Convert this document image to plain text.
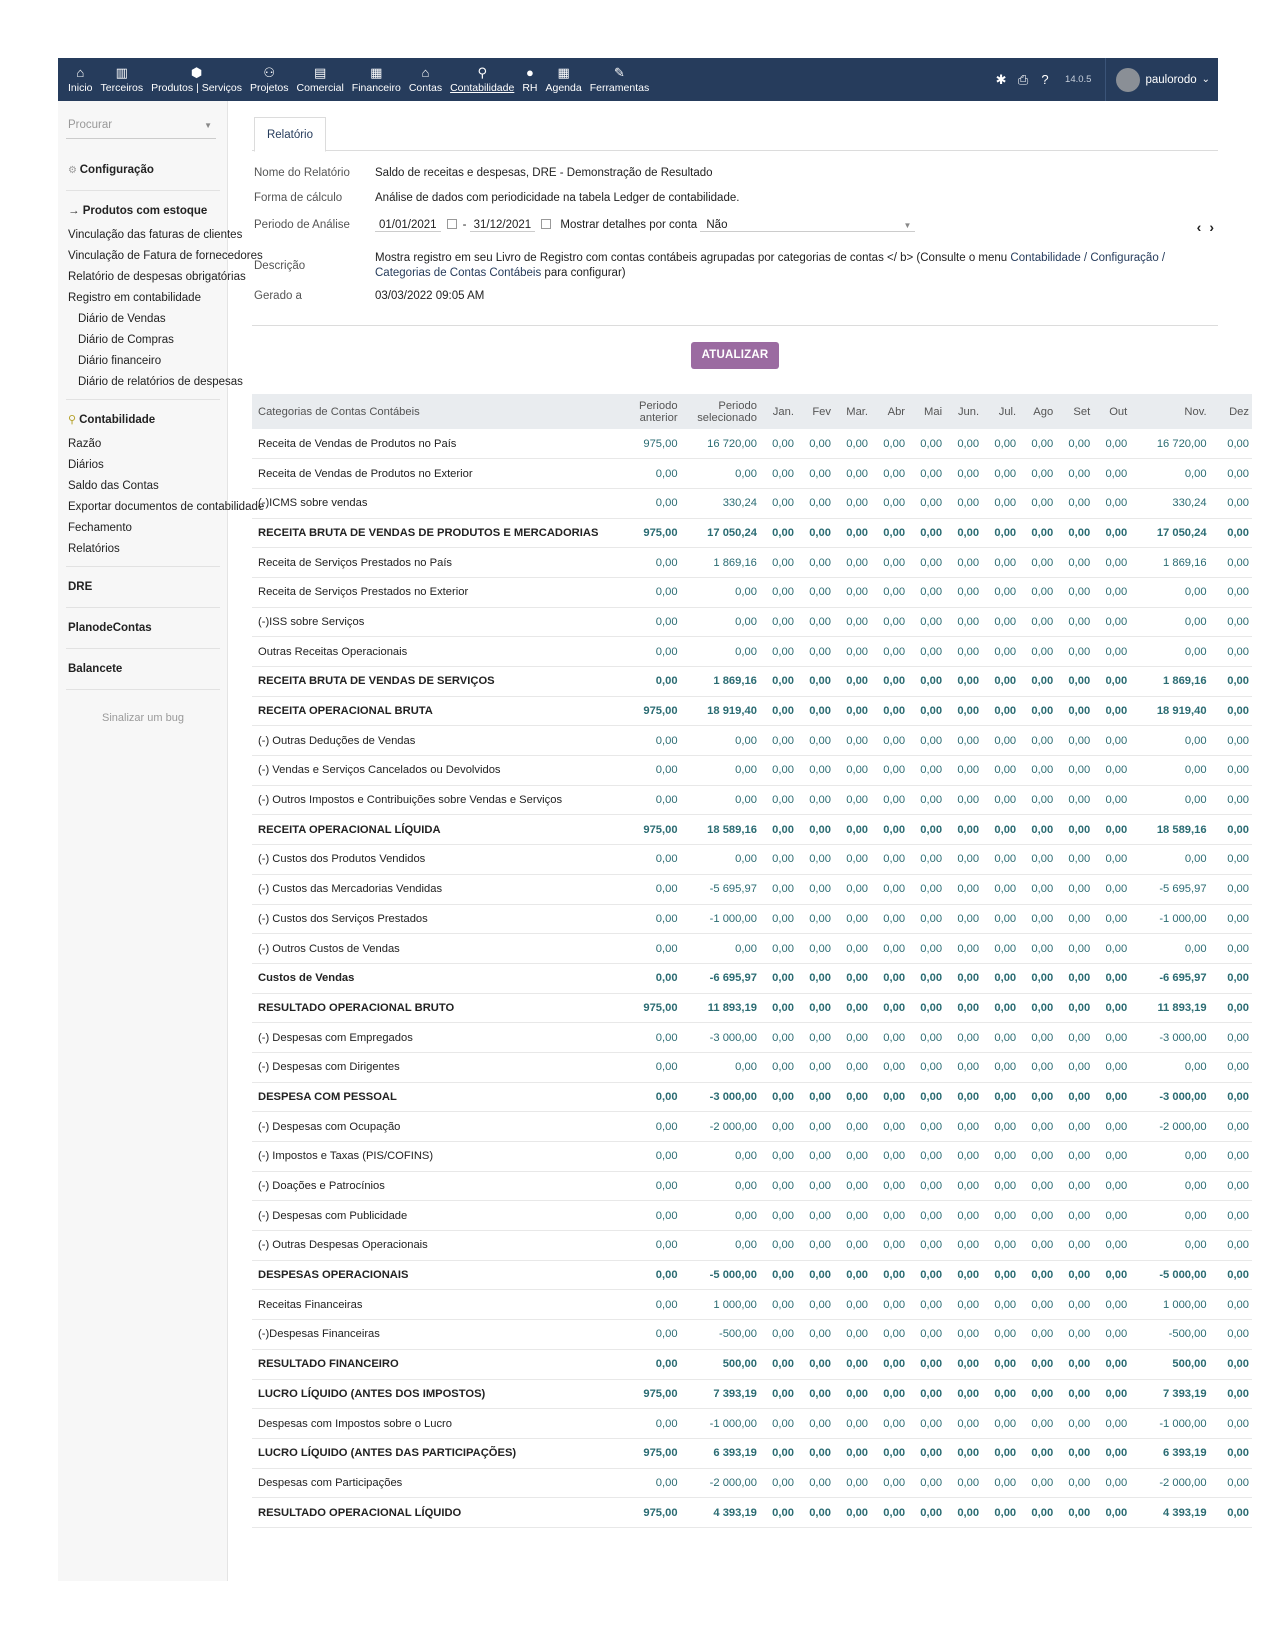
⌂
Inicio
▥
Terceiros
⬢
Produtos | Serviços
⚇
Projetos
▤
Comercial
▦
Financeiro
⌂
Contas
⚲
Contabilidade
●
RH
▦
Agenda
✎
Ferramentas
✱ ⎙	?	14.0.5	paulorodo ⌄
Procurar	▼
⚙ Configuração
→ Produtos com estoque
Vinculação das faturas de clientes
Vinculação de Fatura de fornecedores
Relatório de despesas obrigatórias
Registro em contabilidade
Diário de Vendas
Diário de Compras
Diário financeiro
Diário de relatórios de despesas
⚲ Contabilidade
Razão
Diários
Saldo das Contas
Exportar documentos de contabilidade
Fechamento
Relatórios
DRE
PlanodeContas
Balancete
Sinalizar um bug
Relatório
Nome do Relatório	Saldo de receitas e despesas, DRE - Demonstração de Resultado
Forma de cálculo	Análise de dados com periodicidade na tabela Ledger de contabilidade.
Periodo de Análise	01/01/2021 - 31/12/2021	Mostrar detalhes por conta Não	▼	‹ ›
Descrição
Mostra registro em seu Livro de Registro com contas contábeis agrupadas por categorias de contas </ b> (Consulte o menu Contabilidade / Configuração / Categorias de Contas Contábeis para configurar)
Gerado a	03/03/2022 09:05 AM
ATUALIZAR
Categorias de Contas Contábeis	Periodo anterior	Periodo selecionado	Jan.	Fev	Mar.	Abr	Mai	Jun.	Jul.	Ago	Set	Out	Nov.	Dez
Receita de Vendas de Produtos no País	975,00	16 720,00	0,00	0,00	0,00	0,00	0,00	0,00	0,00	0,00	0,00	0,00	16 720,00	0,00
Receita de Vendas de Produtos no Exterior	0,00	0,00	0,00	0,00	0,00	0,00	0,00	0,00	0,00	0,00	0,00	0,00	0,00	0,00
(-)ICMS sobre vendas	0,00	330,24	0,00	0,00	0,00	0,00	0,00	0,00	0,00	0,00	0,00	0,00	330,24	0,00
RECEITA BRUTA DE VENDAS DE PRODUTOS E MERCADORIAS	975,00	17 050,24	0,00	0,00	0,00	0,00	0,00	0,00	0,00	0,00	0,00	0,00	17 050,24	0,00
Receita de Serviços Prestados no País	0,00	1 869,16	0,00	0,00	0,00	0,00	0,00	0,00	0,00	0,00	0,00	0,00	1 869,16	0,00
Receita de Serviços Prestados no Exterior	0,00	0,00	0,00	0,00	0,00	0,00	0,00	0,00	0,00	0,00	0,00	0,00	0,00	0,00
(-)ISS sobre Serviços	0,00	0,00	0,00	0,00	0,00	0,00	0,00	0,00	0,00	0,00	0,00	0,00	0,00	0,00
Outras Receitas Operacionais	0,00	0,00	0,00	0,00	0,00	0,00	0,00	0,00	0,00	0,00	0,00	0,00	0,00	0,00
RECEITA BRUTA DE VENDAS DE SERVIÇOS	0,00	1 869,16	0,00	0,00	0,00	0,00	0,00	0,00	0,00	0,00	0,00	0,00	1 869,16	0,00
RECEITA OPERACIONAL BRUTA	975,00	18 919,40	0,00	0,00	0,00	0,00	0,00	0,00	0,00	0,00	0,00	0,00	18 919,40	0,00
(-) Outras Deduções de Vendas	0,00	0,00	0,00	0,00	0,00	0,00	0,00	0,00	0,00	0,00	0,00	0,00	0,00	0,00
(-) Vendas e Serviços Cancelados ou Devolvidos	0,00	0,00	0,00	0,00	0,00	0,00	0,00	0,00	0,00	0,00	0,00	0,00	0,00	0,00
(-) Outros Impostos e Contribuições sobre Vendas e Serviços	0,00	0,00	0,00	0,00	0,00	0,00	0,00	0,00	0,00	0,00	0,00	0,00	0,00	0,00
RECEITA OPERACIONAL LÍQUIDA	975,00	18 589,16	0,00	0,00	0,00	0,00	0,00	0,00	0,00	0,00	0,00	0,00	18 589,16	0,00
(-) Custos dos Produtos Vendidos	0,00	0,00	0,00	0,00	0,00	0,00	0,00	0,00	0,00	0,00	0,00	0,00	0,00	0,00
(-) Custos das Mercadorias Vendidas	0,00	-5 695,97	0,00	0,00	0,00	0,00	0,00	0,00	0,00	0,00	0,00	0,00	-5 695,97	0,00
(-) Custos dos Serviços Prestados	0,00	-1 000,00	0,00	0,00	0,00	0,00	0,00	0,00	0,00	0,00	0,00	0,00	-1 000,00	0,00
(-) Outros Custos de Vendas	0,00	0,00	0,00	0,00	0,00	0,00	0,00	0,00	0,00	0,00	0,00	0,00	0,00	0,00
Custos de Vendas	0,00	-6 695,97	0,00	0,00	0,00	0,00	0,00	0,00	0,00	0,00	0,00	0,00	-6 695,97	0,00
RESULTADO OPERACIONAL BRUTO	975,00	11 893,19	0,00	0,00	0,00	0,00	0,00	0,00	0,00	0,00	0,00	0,00	11 893,19	0,00
(-) Despesas com Empregados	0,00	-3 000,00	0,00	0,00	0,00	0,00	0,00	0,00	0,00	0,00	0,00	0,00	-3 000,00	0,00
(-) Despesas com Dirigentes	0,00	0,00	0,00	0,00	0,00	0,00	0,00	0,00	0,00	0,00	0,00	0,00	0,00	0,00
DESPESA COM PESSOAL	0,00	-3 000,00	0,00	0,00	0,00	0,00	0,00	0,00	0,00	0,00	0,00	0,00	-3 000,00	0,00
(-) Despesas com Ocupação	0,00	-2 000,00	0,00	0,00	0,00	0,00	0,00	0,00	0,00	0,00	0,00	0,00	-2 000,00	0,00
(-) Impostos e Taxas (PIS/COFINS)	0,00	0,00	0,00	0,00	0,00	0,00	0,00	0,00	0,00	0,00	0,00	0,00	0,00	0,00
(-) Doações e Patrocínios	0,00	0,00	0,00	0,00	0,00	0,00	0,00	0,00	0,00	0,00	0,00	0,00	0,00	0,00
(-) Despesas com Publicidade	0,00	0,00	0,00	0,00	0,00	0,00	0,00	0,00	0,00	0,00	0,00	0,00	0,00	0,00
(-) Outras Despesas Operacionais	0,00	0,00	0,00	0,00	0,00	0,00	0,00	0,00	0,00	0,00	0,00	0,00	0,00	0,00
DESPESAS OPERACIONAIS	0,00	-5 000,00	0,00	0,00	0,00	0,00	0,00	0,00	0,00	0,00	0,00	0,00	-5 000,00	0,00
Receitas Financeiras	0,00	1 000,00	0,00	0,00	0,00	0,00	0,00	0,00	0,00	0,00	0,00	0,00	1 000,00	0,00
(-)Despesas Financeiras	0,00	-500,00	0,00	0,00	0,00	0,00	0,00	0,00	0,00	0,00	0,00	0,00	-500,00	0,00
RESULTADO FINANCEIRO	0,00	500,00	0,00	0,00	0,00	0,00	0,00	0,00	0,00	0,00	0,00	0,00	500,00	0,00
LUCRO LÍQUIDO (ANTES DOS IMPOSTOS)	975,00	7 393,19	0,00	0,00	0,00	0,00	0,00	0,00	0,00	0,00	0,00	0,00	7 393,19	0,00
Despesas com Impostos sobre o Lucro	0,00	-1 000,00	0,00	0,00	0,00	0,00	0,00	0,00	0,00	0,00	0,00	0,00	-1 000,00	0,00
LUCRO LÍQUIDO (ANTES DAS PARTICIPAÇÕES)	975,00	6 393,19	0,00	0,00	0,00	0,00	0,00	0,00	0,00	0,00	0,00	0,00	6 393,19	0,00
Despesas com Participações	0,00	-2 000,00	0,00	0,00	0,00	0,00	0,00	0,00	0,00	0,00	0,00	0,00	-2 000,00	0,00
RESULTADO OPERACIONAL LÍQUIDO	975,00	4 393,19	0,00	0,00	0,00	0,00	0,00	0,00	0,00	0,00	0,00	0,00	4 393,19	0,00
